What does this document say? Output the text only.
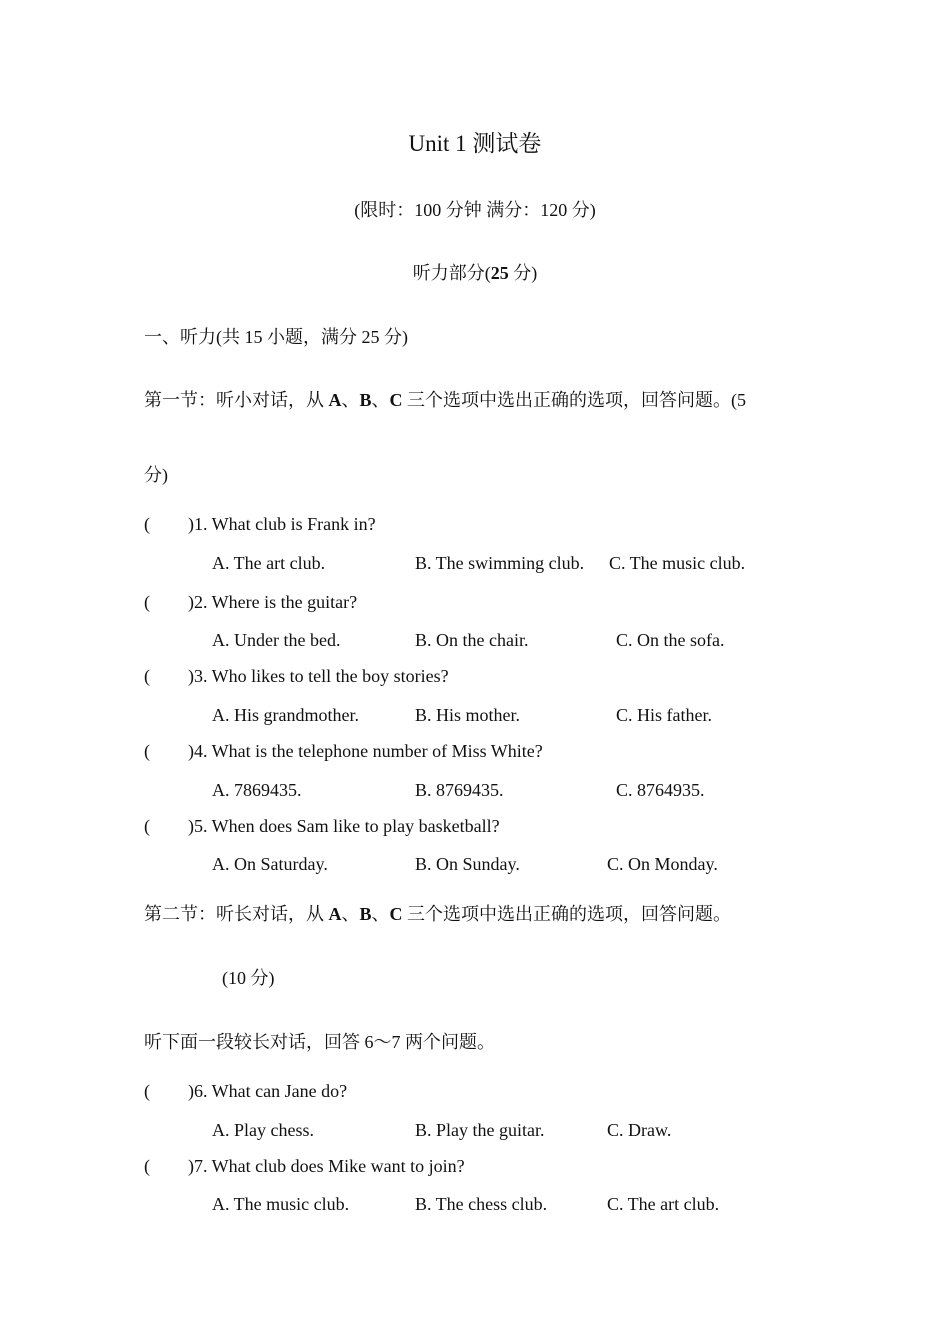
Unit 1 测试卷
(限时：100 分钟 满分：120 分)
听力部分(25 分)
一、听力(共 15 小题，满分 25 分)
第一节：听小对话，从 A、B、C 三个选项中选出正确的选项，回答问题。(5
分)
( )1. What club is Frank in?
A. The art club.	B. The swimming club. C. The music club.
( )2. Where is the guitar?
A. Under the bed.	B. On the chair.	C. On the sofa.
( )3. Who likes to tell the boy stories?
A. His grandmother.	B. His mother.	C. His father.
( )4. What is the telephone number of Miss White?
A. 7869435.	B. 8769435.	C. 8764935.
( )5. When does Sam like to play basketball?
A. On Saturday.	B. On Sunday.	C. On Monday.
第二节：听长对话，从 A、B、C 三个选项中选出正确的选项，回答问题。
(10 分)
听下面一段较长对话，回答 6～7 两个问题。
( )6. What can Jane do?
A. Play chess.	B. Play the guitar.	C. Draw.
( )7. What club does Mike want to join?
A. The music club.	B. The chess club.	C. The art club.
